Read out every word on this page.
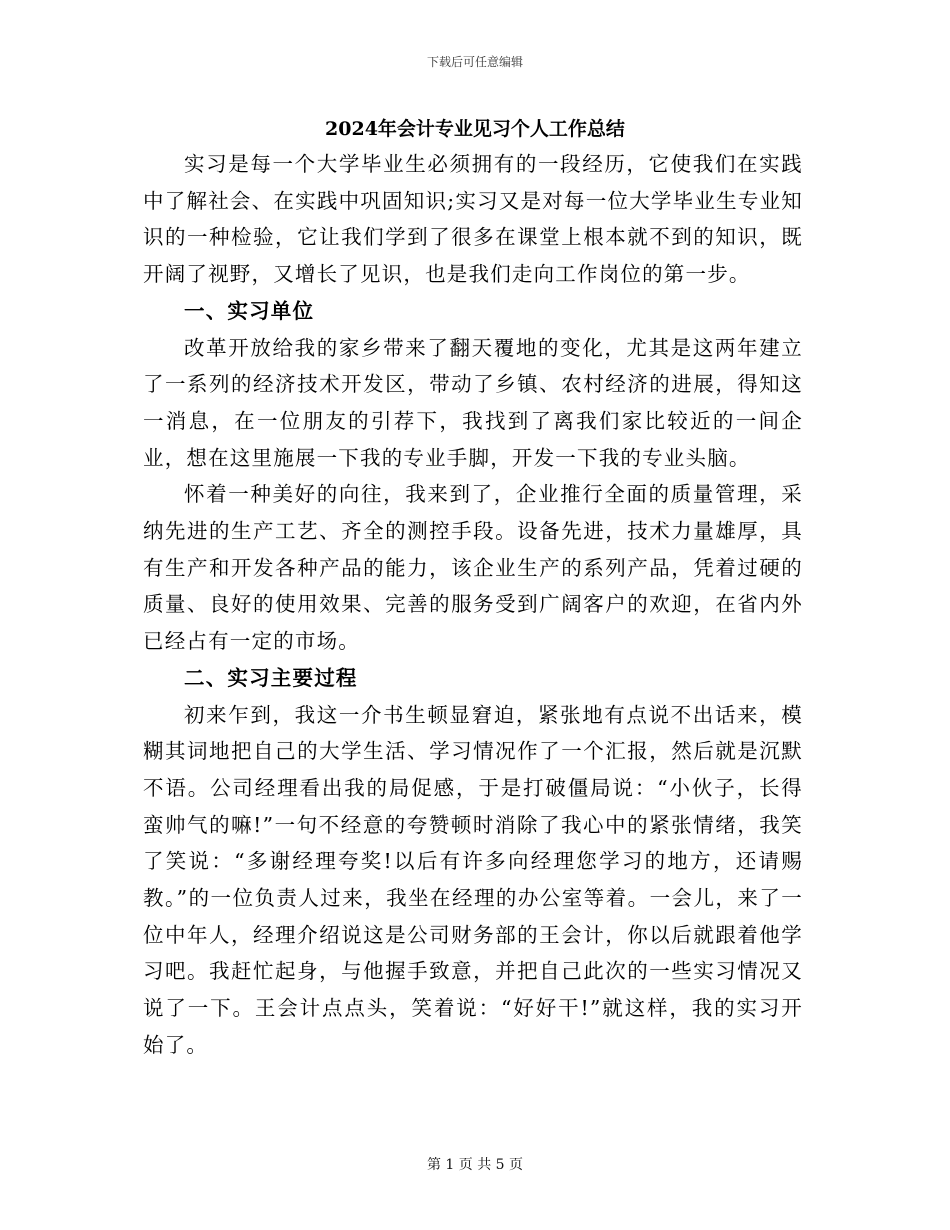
下载后可任意编辑
2024年会计专业见习个人工作总结

实习是每一个大学毕业生必须拥有的一段经历，它使我们在实践中了解社会、在实践中巩固知识;实习又是对每一位大学毕业生专业知识的一种检验，它让我们学到了很多在课堂上根本就不到的知识，既开阔了视野，又增长了见识，也是我们走向工作岗位的第一步。

一、实习单位

改革开放给我的家乡带来了翻天覆地的变化，尤其是这两年建立了一系列的经济技术开发区，带动了乡镇、农村经济的进展，得知这一消息，在一位朋友的引荐下，我找到了离我们家比较近的一间企业，想在这里施展一下我的专业手脚，开发一下我的专业头脑。

怀着一种美好的向往，我来到了，企业推行全面的质量管理，采纳先进的生产工艺、齐全的测控手段。设备先进，技术力量雄厚，具有生产和开发各种产品的能力，该企业生产的系列产品，凭着过硬的质量、良好的使用效果、完善的服务受到广阔客户的欢迎，在省内外已经占有一定的市场。

二、实习主要过程

初来乍到，我这一介书生顿显窘迫，紧张地有点说不出话来，模糊其词地把自己的大学生活、学习情况作了一个汇报，然后就是沉默不语。公司经理看出我的局促感，于是打破僵局说：“小伙子，长得蛮帅气的嘛!”一句不经意的夸赞顿时消除了我心中的紧张情绪，我笑了笑说：“多谢经理夸奖!以后有许多向经理您学习的地方，还请赐教。”的一位负责人过来，我坐在经理的办公室等着。一会儿，来了一位中年人，经理介绍说这是公司财务部的王会计，你以后就跟着他学习吧。我赶忙起身，与他握手致意，并把自己此次的一些实习情况又说了一下。王会计点点头，笑着说：“好好干!”就这样，我的实习开始了。

第 1 页 共 5 页
